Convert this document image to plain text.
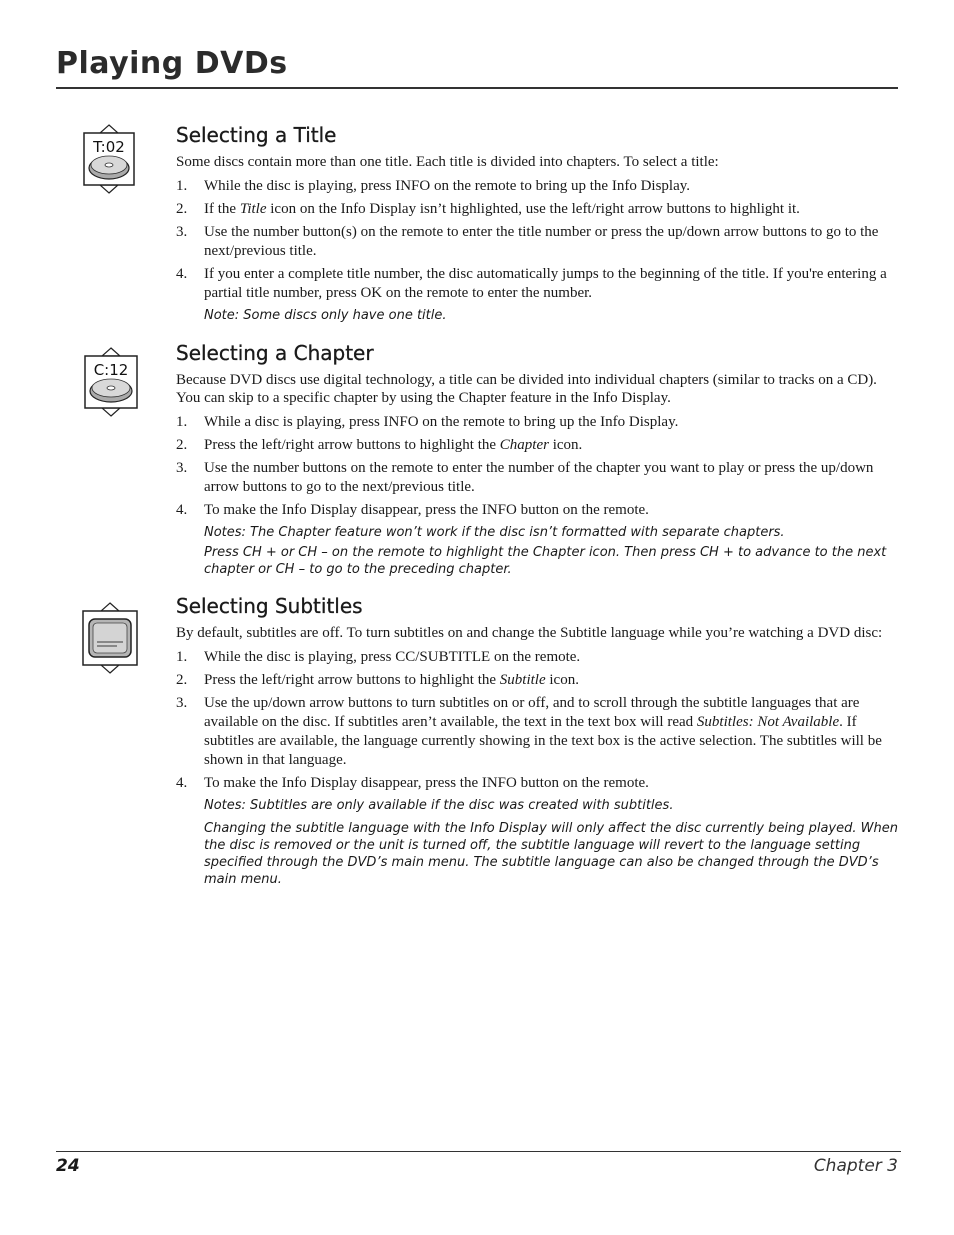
Playing DVDs
T:02	Selecting a Title

Some discs contain more than one title. Each title is divided into chapters. To select a title:

1. While the disc is playing, press INFO on the remote to bring up the Info Display.
2. If the Title icon on the Info Display isn’t highlighted, use the left/right arrow buttons to highlight it.
3. Use the number button(s) on the remote to enter the title number or press the up/down arrow buttons to go to the next/previous title.
4. If you enter a complete title number, the disc automatically jumps to the beginning of the title. If you're entering a partial title number, press OK on the remote to enter the number.

Note: Some discs only have one title.

C:12
Selecting a Chapter

Because DVD discs use digital technology, a title can be divided into individual chapters (similar to tracks on a CD). You can skip to a specific chapter by using the Chapter feature in the Info Display.

1. While a disc is playing, press INFO on the remote to bring up the Info Display.
2. Press the left/right arrow buttons to highlight the Chapter icon.
3. Use the number buttons on the remote to enter the number of the chapter you want to play or press the up/down arrow buttons to go to the next/previous title.
4. To make the Info Display disappear, press the INFO button on the remote.

Notes: The Chapter feature won’t work if the disc isn’t formatted with separate chapters.

Press CH + or CH – on the remote to highlight the Chapter icon. Then press CH + to advance to the next chapter or CH – to go to the preceding chapter.

Selecting Subtitles

By default, subtitles are off. To turn subtitles on and change the Subtitle language while you’re watching a DVD disc:

1. While the disc is playing, press CC/SUBTITLE on the remote.
2. Press the left/right arrow buttons to highlight the Subtitle icon.
3. Use the up/down arrow buttons to turn subtitles on or off, and to scroll through the subtitle languages that are available on the disc. If subtitles aren’t available, the text in the text box will read Subtitles: Not Available. If subtitles are available, the language currently showing in the text box is the active selection. The subtitles will be shown in that language.
4. To make the Info Display disappear, press the INFO button on the remote.

Notes: Subtitles are only available if the disc was created with subtitles.

Changing the subtitle language with the Info Display will only affect the disc currently being played. When the disc is removed or the unit is turned off, the subtitle language will revert to the language setting specified through the DVD’s main menu. The subtitle language can also be changed through the DVD’s main menu.

24	Chapter 3
